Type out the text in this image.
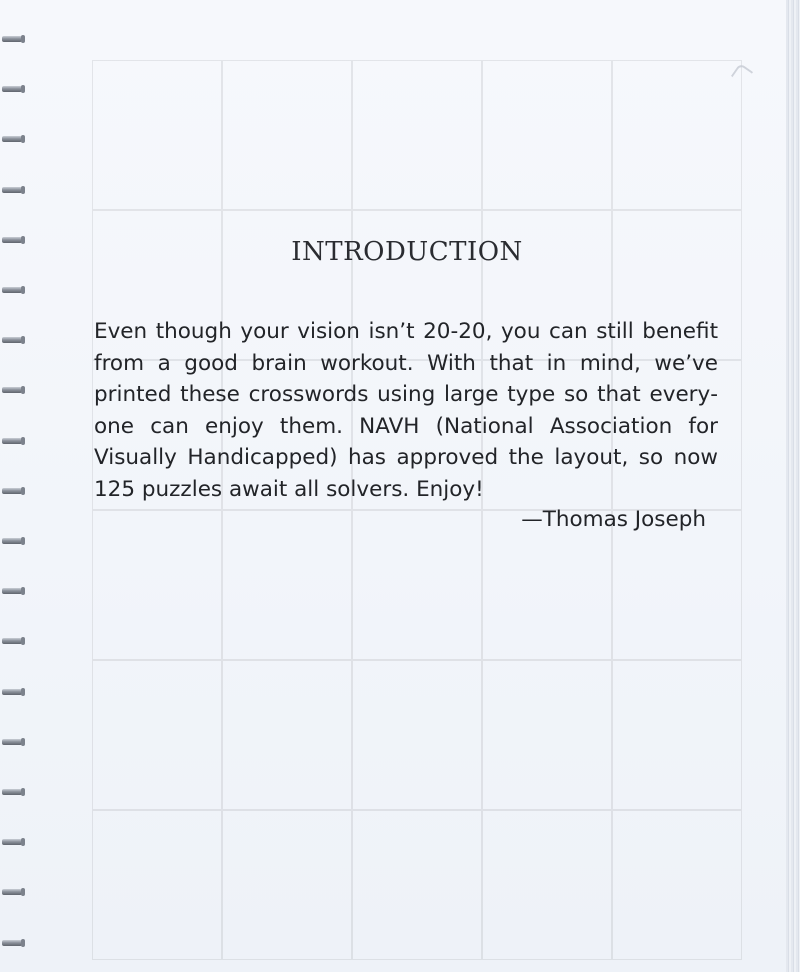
INTRODUCTION

Even though your vision isn’t 20-20, you can still benefit from a good brain workout. With that in mind, we’ve printed these crosswords using large type so that everyone can enjoy them. NAVH (National Association for Visually Handicapped) has approved the layout, so now 125 puzzles await all solvers. Enjoy!

—Thomas Joseph
